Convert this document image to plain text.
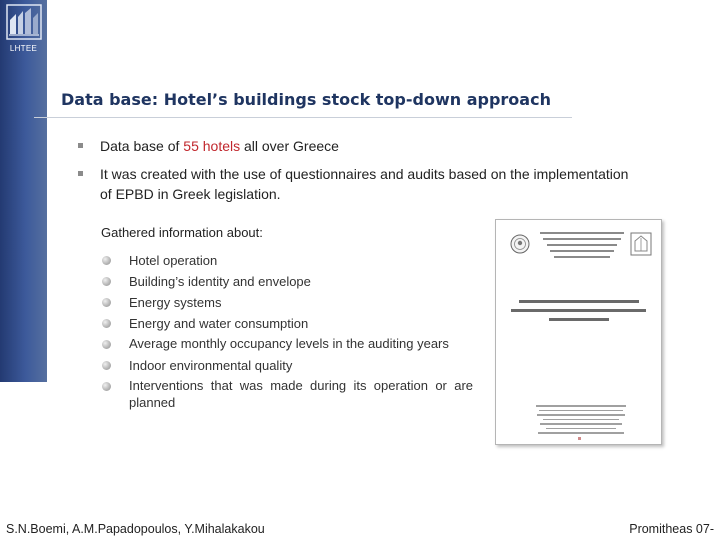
LHTEE
Data base: Hotel’s buildings stock top-down approach
Data base of 55 hotels all over Greece
It was created with the use of questionnaires and audits based on the implementation of EPBD in Greek legislation.
Gathered information about:
Hotel operation
Building’s identity and envelope
Energy systems
Energy and water consumption
Average monthly occupancy levels in the auditing years
Indoor environmental quality
Interventions that was made during its operation or are planned
S.N.Boemi, A.M.Papadopoulos, Y.Mihalakakou	Promitheas 07-
